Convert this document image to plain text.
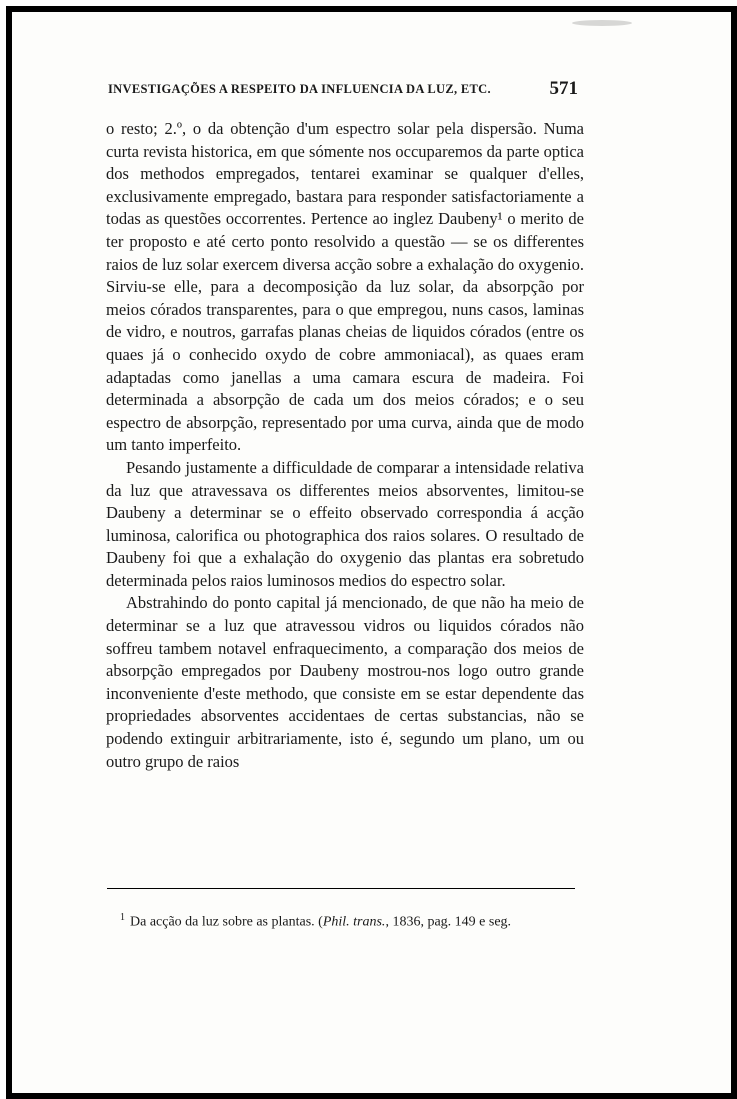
INVESTIGAÇÕES A RESPEITO DA INFLUENCIA DA LUZ, ETC.	571

o resto; 2.º, o da obtenção d'um espectro solar pela dispersão. Numa curta revista historica, em que sómente nos occuparemos da parte optica dos methodos empregados, tentarei examinar se qualquer d'elles, exclusivamente empregado, bastara para responder satisfactoriamente a todas as questões occorrentes. Pertence ao inglez Daubeny¹ o merito de ter proposto e até certo ponto resolvido a questão — se os differentes raios de luz solar exercem diversa acção sobre a exhalação do oxygenio. Sirviu-se elle, para a decomposição da luz solar, da absorpção por meios córados transparentes, para o que empregou, nuns casos, laminas de vidro, e noutros, garrafas planas cheias de liquidos córados (entre os quaes já o conhecido oxydo de cobre ammoniacal), as quaes eram adaptadas como janellas a uma camara escura de madeira. Foi determinada a absorpção de cada um dos meios córados; e o seu espectro de absorpção, representado por uma curva, ainda que de modo um tanto imperfeito.

Pesando justamente a difficuldade de comparar a intensidade relativa da luz que atravessava os differentes meios absorventes, limitou-se Daubeny a determinar se o effeito observado correspondia á acção luminosa, calorifica ou photographica dos raios solares. O resultado de Daubeny foi que a exhalação do oxygenio das plantas era sobretudo determinada pelos raios luminosos medios do espectro solar.

Abstrahindo do ponto capital já mencionado, de que não ha meio de determinar se a luz que atravessou vidros ou liquidos córados não soffreu tambem notavel enfraquecimento, a comparação dos meios de absorpção empregados por Daubeny mostrou-nos logo outro grande inconveniente d'este methodo, que consiste em se estar dependente das propriedades absorventes accidentaes de certas substancias, não se podendo extinguir arbitrariamente, isto é, segundo um plano, um ou outro grupo de raios

$^1$ Da acção da luz sobre as plantas. (Phil. trans., 1836, pag. 149 e seg.
